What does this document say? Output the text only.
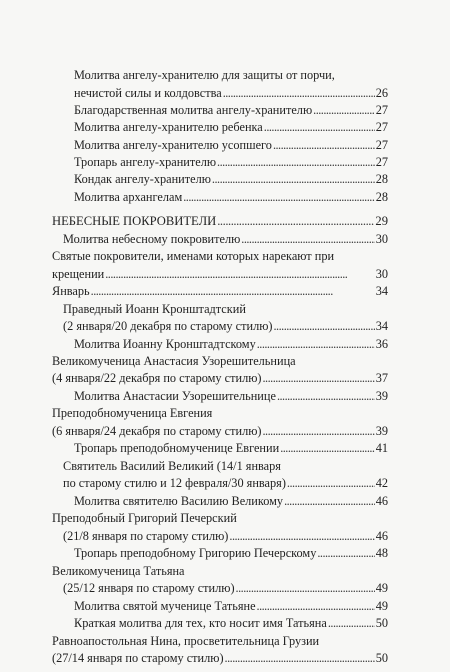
Молитва ангелу-хранителю для защиты от порчи,
нечистой силы и колдовства . . .	26
Благодарственная молитва ангелу-хранителю . . .	27
Молитва ангелу-хранителю ребенка . . .	27
Молитва ангелу-хранителю усопшего . . .	27
Тропарь ангелу-хранителю . . .	27
Кондак ангелу-хранителю . . .	28
Молитва архангелам . . .	28
НЕБЕСНЫЕ ПОКРОВИТЕЛИ . . .	29
Молитва небесному покровителю . . .	30
Святые покровители, именами которых нарекают при
крещении . . .	30
Январь . . .	34
Праведный Иоанн Кронштадтский
(2 января/20 декабря по старому стилю) . . .	34
Молитва Иоанну Кронштадтскому . . .	36
Великомученица Анастасия Узорешительница
(4 января/22 декабря по старому стилю) . . .	37
Молитва Анастасии Узорешительнице . . .	39
Преподобномученица Евгения
(6 января/24 декабря по старому стилю) . . .	39
Тропарь преподобномученице Евгении . . .	41
Святитель Василий Великий (14/1 января
по старому стилю и 12 февраля/30 января) . . .	42
Молитва святителю Василию Великому . . .	46
Преподобный Григорий Печерский
(21/8 января по старому стилю) . . .	46
Тропарь преподобному Григорию Печерскому . . .	48
Великомученица Татьяна
(25/12 января по старому стилю) . . .	49
Молитва святой мученице Татьяне . . .	49
Краткая молитва для тех, кто носит имя Татьяна . . .	50
Равноапостольная Нина, просветительница Грузии
(27/14 января по старому стилю) . . .	50
